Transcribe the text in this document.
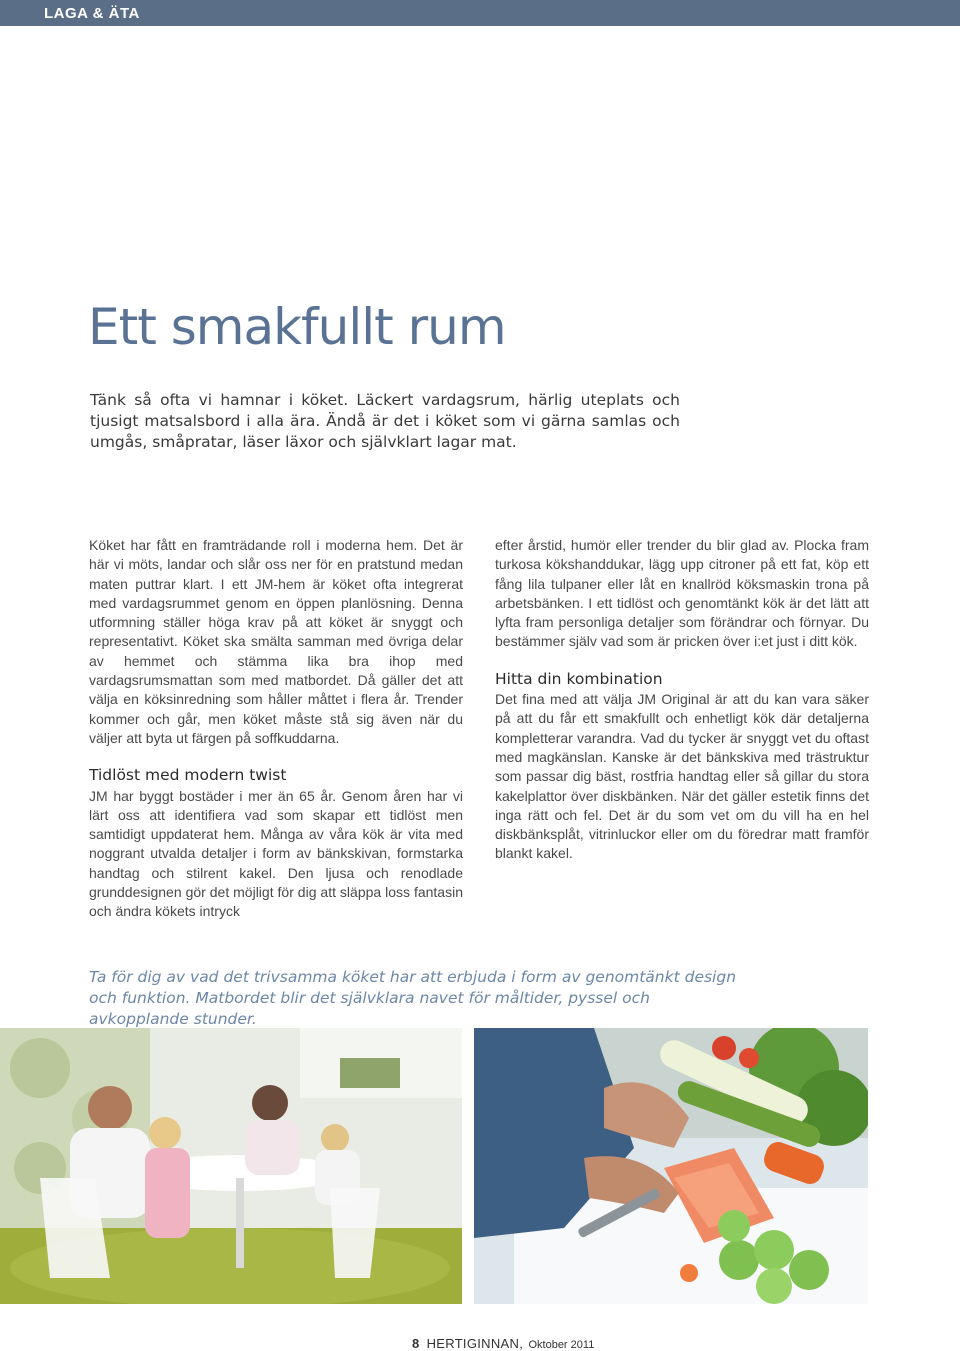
LAGA & ÄTA
Ett smakfullt rum

Tänk så ofta vi hamnar i köket. Läckert vardagsrum, härlig uteplats och tjusigt matsalsbord i alla ära. Ändå är det i köket som vi gärna samlas och umgås, småpratar, läser läxor och självklart lagar mat.

Köket har fått en framträdande roll i moderna hem. Det är här vi möts, landar och slår oss ner för en pratstund medan maten puttrar klart. I ett JM-hem är köket ofta integrerat med vardagsrummet genom en öppen planlösning. Denna utformning ställer höga krav på att köket är snyggt och representativt. Köket ska smälta samman med övriga delar av hemmet och stämma lika bra ihop med vardagsrumsmattan som med matbordet. Då gäller det att välja en köksinredning som håller måttet i flera år. Trender kommer och går, men köket måste stå sig även när du väljer att byta ut färgen på soffkuddarna.

Tidlöst med modern twist

JM har byggt bostäder i mer än 65 år. Genom åren har vi lärt oss att identifiera vad som skapar ett tidlöst men samtidigt uppdaterat hem. Många av våra kök är vita med noggrant utvalda detaljer i form av bänkskivan, formstarka handtag och stilrent kakel. Den ljusa och renodlade grunddesignen gör det möjligt för dig att släppa loss fantasin och ändra kökets intryck

efter årstid, humör eller trender du blir glad av. Plocka fram turkosa kökshanddukar, lägg upp citroner på ett fat, köp ett fång lila tulpaner eller låt en knallröd köksmaskin trona på arbetsbänken. I ett tidlöst och genomtänkt kök är det lätt att lyfta fram personliga detaljer som förändrar och förnyar. Du bestämmer själv vad som är pricken över i:et just i ditt kök.

Hitta din kombination

Det fina med att välja JM Original är att du kan vara säker på att du får ett smakfullt och enhetligt kök där detaljerna kompletterar varandra. Vad du tycker är snyggt vet du oftast med magkänslan. Kanske är det bänkskiva med trästruktur som passar dig bäst, rostfria handtag eller så gillar du stora kakelplattor över diskbänken. När det gäller estetik finns det inga rätt och fel. Det är du som vet om du vill ha en hel diskbänksplåt, vitrinluckor eller om du föredrar matt framför blankt kakel.

Ta för dig av vad det trivsamma köket har att erbjuda i form av genomtänkt design och funktion. Matbordet blir det självklara navet för måltider, pyssel och avkopplande stunder.

8 HERTIGINNAN, Oktober 2011
